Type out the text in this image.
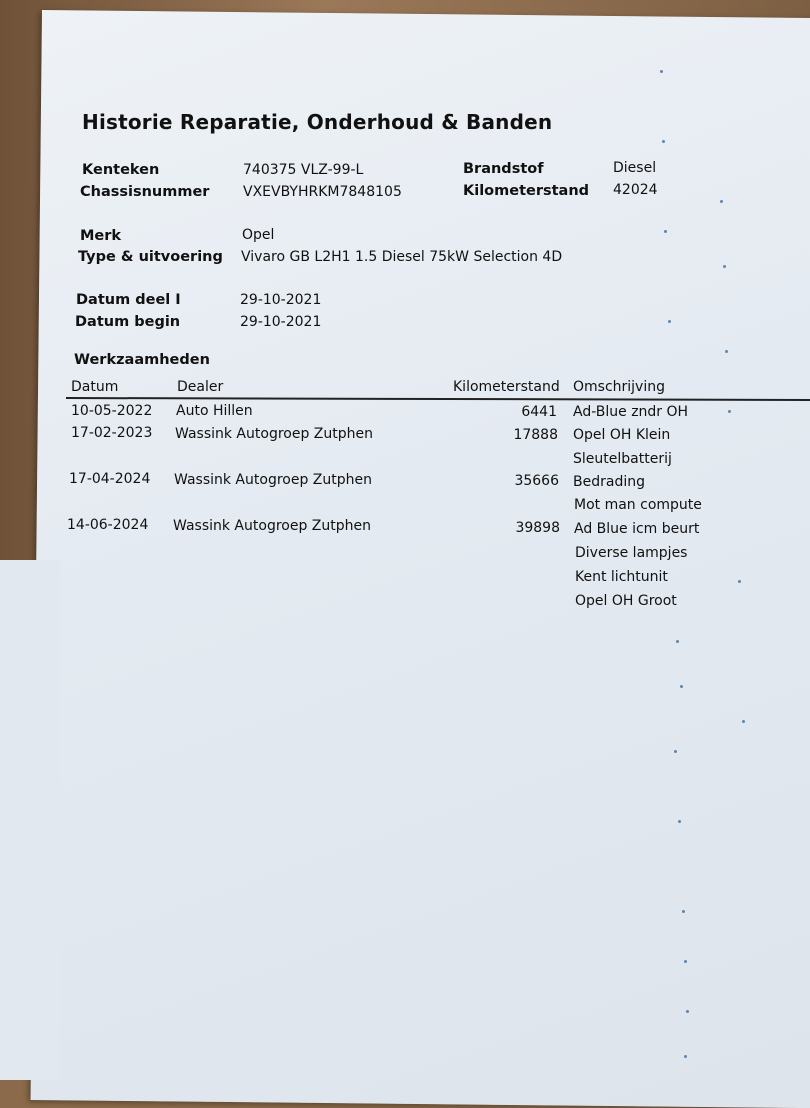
Historie Reparatie, Onderhoud & Banden
Kenteken	740375 VLZ-99-L	Brandstof	Diesel
Chassisnummer VXEVBYHRKM7848105	Kilometerstand 42024
Merk	Opel
Type & uitvoering Vivaro GB L2H1 1.5 Diesel 75kW Selection 4D
Datum deel I	29-10-2021
Datum begin	29-10-2021
Werkzaamheden
Datum	Dealer	Kilometerstand Omschrijving
10-05-2022 Auto Hillen	6441 Ad-Blue zndr OH
17-02-2023 Wassink Autogroep Zutphen	17888 Opel OH Klein
Sleutelbatterij
17-04-2024 Wassink Autogroep Zutphen	35666 Bedrading
Mot man compute
14-06-2024 Wassink Autogroep Zutphen	39898 Ad Blue icm beurt
Diverse lampjes
Kent lichtunit
Opel OH Groot
